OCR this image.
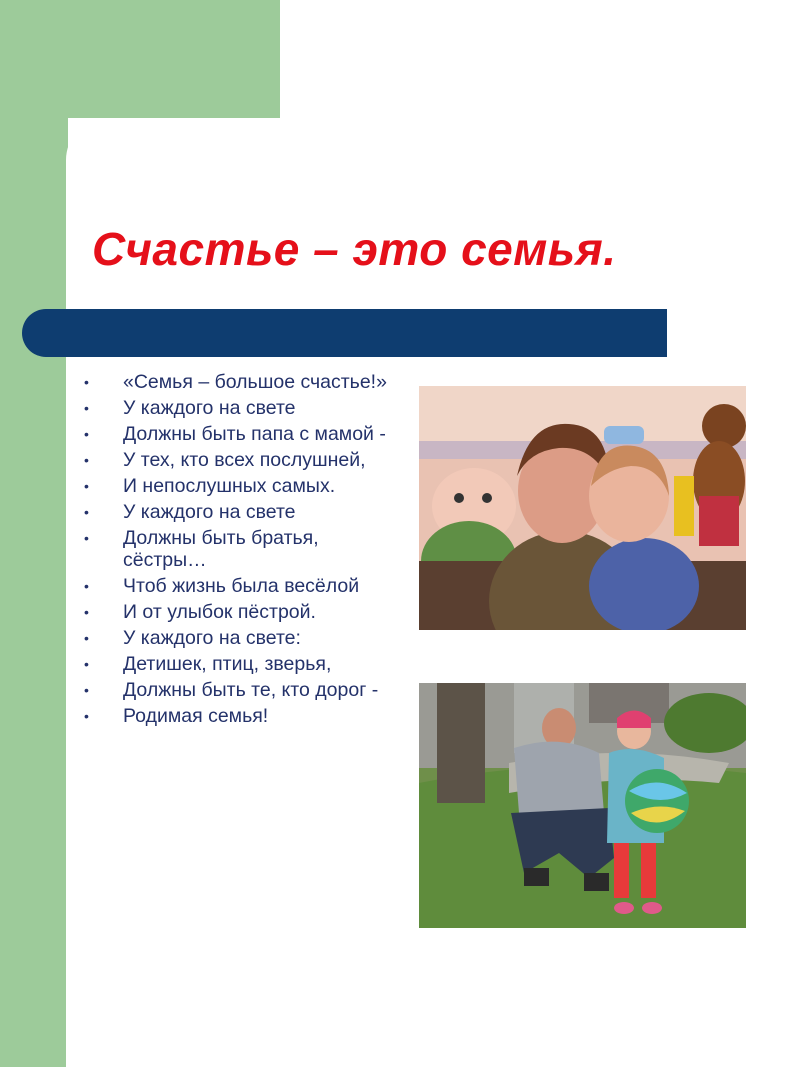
Счастье – это семья.
• «Семья – большое счастье!»
• У каждого на свете
• Должны быть папа с мамой -
• У тех, кто всех послушней,
• И непослушных самых.
• У каждого на свете
• Должны быть братья, сёстры…
• Чтоб жизнь была весёлой
• И от улыбок пёстрой.
• У каждого на свете:
• Детишек, птиц, зверья,
• Должны быть те, кто дорог -
• Родимая семья!
